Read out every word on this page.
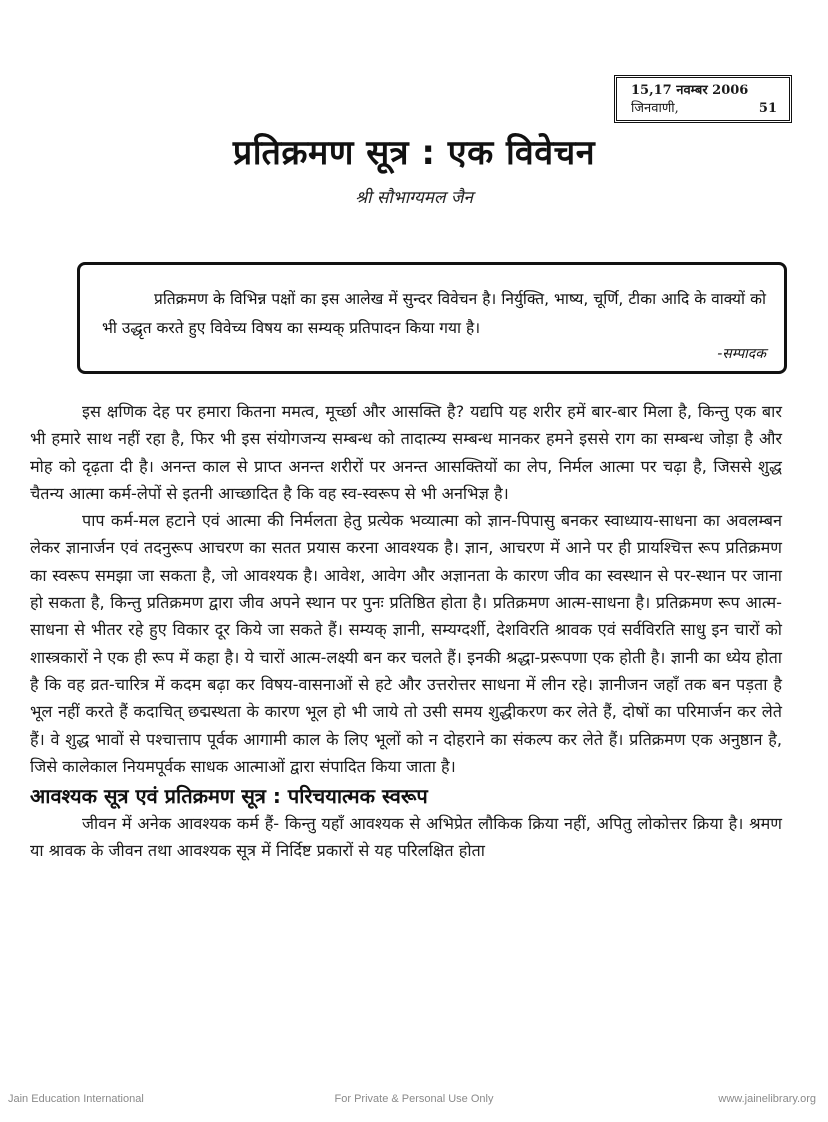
15,17 नवम्बर 2006
जिनवाणी,	51
प्रतिक्रमण सूत्र : एक विवेचन
श्री सौभाग्यमल जैन

प्रतिक्रमण के विभिन्न पक्षों का इस आलेख में सुन्दर विवेचन है। निर्युक्ति, भाष्य, चूर्णि, टीका आदि के वाक्यों को भी उद्धृत करते हुए विवेच्य विषय का सम्यक् प्रतिपादन किया गया है।

-सम्पादक

इस क्षणिक देह पर हमारा कितना ममत्व, मूर्च्छा और आसक्ति है? यद्यपि यह शरीर हमें बार-बार मिला है, किन्तु एक बार भी हमारे साथ नहीं रहा है, फिर भी इस संयोगजन्य सम्बन्ध को तादात्म्य सम्बन्ध मानकर हमने इससे राग का सम्बन्ध जोड़ा है और मोह को दृढ़ता दी है। अनन्त काल से प्राप्त अनन्त शरीरों पर अनन्त आसक्तियों का लेप, निर्मल आत्मा पर चढ़ा है, जिससे शुद्ध चैतन्य आत्मा कर्म-लेपों से इतनी आच्छादित है कि वह स्व-स्वरूप से भी अनभिज्ञ है।

पाप कर्म-मल हटाने एवं आत्मा की निर्मलता हेतु प्रत्येक भव्यात्मा को ज्ञान-पिपासु बनकर स्वाध्याय-साधना का अवलम्बन लेकर ज्ञानार्जन एवं तदनुरूप आचरण का सतत प्रयास करना आवश्यक है। ज्ञान, आचरण में आने पर ही प्रायश्चित्त रूप प्रतिक्रमण का स्वरूप समझा जा सकता है, जो आवश्यक है। आवेश, आवेग और अज्ञानता के कारण जीव का स्वस्थान से पर-स्थान पर जाना हो सकता है, किन्तु प्रतिक्रमण द्वारा जीव अपने स्थान पर पुनः प्रतिष्ठित होता है। प्रतिक्रमण आत्म-साधना है। प्रतिक्रमण रूप आत्म-साधना से भीतर रहे हुए विकार दूर किये जा सकते हैं। सम्यक् ज्ञानी, सम्यग्दर्शी, देशविरति श्रावक एवं सर्वविरति साधु इन चारों को शास्त्रकारों ने एक ही रूप में कहा है। ये चारों आत्म-लक्ष्यी बन कर चलते हैं। इनकी श्रद्धा-प्ररूपणा एक होती है। ज्ञानी का ध्येय होता है कि वह व्रत-चारित्र में कदम बढ़ा कर विषय-वासनाओं से हटे और उत्तरोत्तर साधना में लीन रहे। ज्ञानीजन जहाँ तक बन पड़ता है भूल नहीं करते हैं कदाचित् छद्मस्थता के कारण भूल हो भी जाये तो उसी समय शुद्धीकरण कर लेते हैं, दोषों का परिमार्जन कर लेते हैं। वे शुद्ध भावों से पश्चात्ताप पूर्वक आगामी काल के लिए भूलों को न दोहराने का संकल्प कर लेते हैं। प्रतिक्रमण एक अनुष्ठान है, जिसे कालेकाल नियमपूर्वक साधक आत्माओं द्वारा संपादित किया जाता है।

आवश्यक सूत्र एवं प्रतिक्रमण सूत्र : परिचयात्मक स्वरूप

जीवन में अनेक आवश्यक कर्म हैं- किन्तु यहाँ आवश्यक से अभिप्रेत लौकिक क्रिया नहीं, अपितु लोकोत्तर क्रिया है। श्रमण या श्रावक के जीवन तथा आवश्यक सूत्र में निर्दिष्ट प्रकारों से यह परिलक्षित होता

Jain Education International	For Private & Personal Use Only	www.jainelibrary.org
